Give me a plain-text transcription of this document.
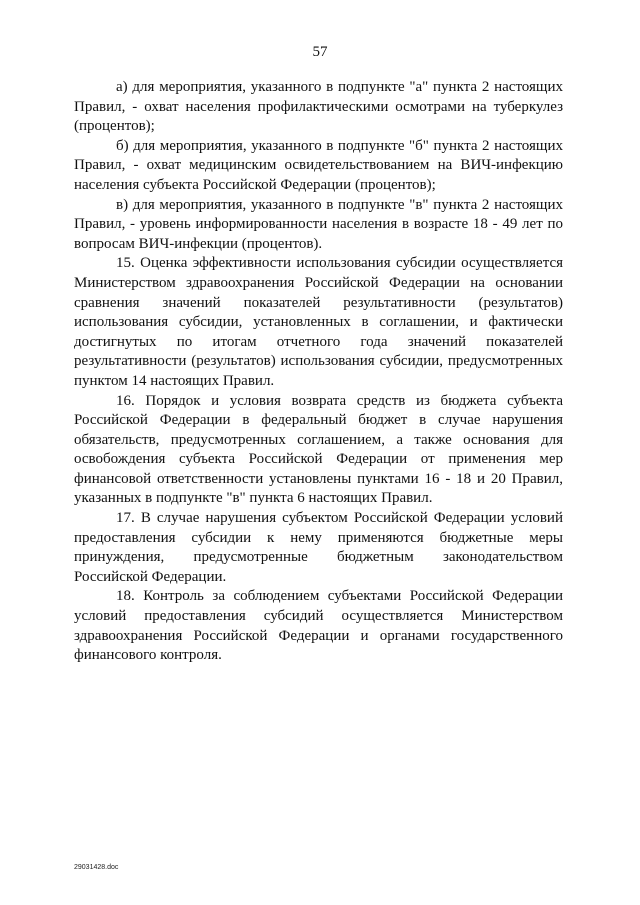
57

а) для мероприятия, указанного в подпункте "а" пункта 2 настоящих Правил, - охват населения профилактическими осмотрами на туберкулез (процентов);

б) для мероприятия, указанного в подпункте "б" пункта 2 настоящих Правил, - охват медицинским освидетельствованием на ВИЧ-инфекцию населения субъекта Российской Федерации (процентов);

в) для мероприятия, указанного в подпункте "в" пункта 2 настоящих Правил, - уровень информированности населения в возрасте 18 - 49 лет по вопросам ВИЧ-инфекции (процентов).

15. Оценка эффективности использования субсидии осуществляется Министерством здравоохранения Российской Федерации на основании сравнения значений показателей результативности (результатов) использования субсидии, установленных в соглашении, и фактически достигнутых по итогам отчетного года значений показателей результативности (результатов) использования субсидии, предусмотренных пунктом 14 настоящих Правил.

16. Порядок и условия возврата средств из бюджета субъекта Российской Федерации в федеральный бюджет в случае нарушения обязательств, предусмотренных соглашением, а также основания для освобождения субъекта Российской Федерации от применения мер финансовой ответственности установлены пунктами 16 - 18 и 20 Правил, указанных в подпункте "в" пункта 6 настоящих Правил.

17. В случае нарушения субъектом Российской Федерации условий предоставления субсидии к нему применяются бюджетные меры принуждения, предусмотренные бюджетным законодательством Российской Федерации.

18. Контроль за соблюдением субъектами Российской Федерации условий предоставления субсидий осуществляется Министерством здравоохранения Российской Федерации и органами государственного финансового контроля.

29031428.doc
